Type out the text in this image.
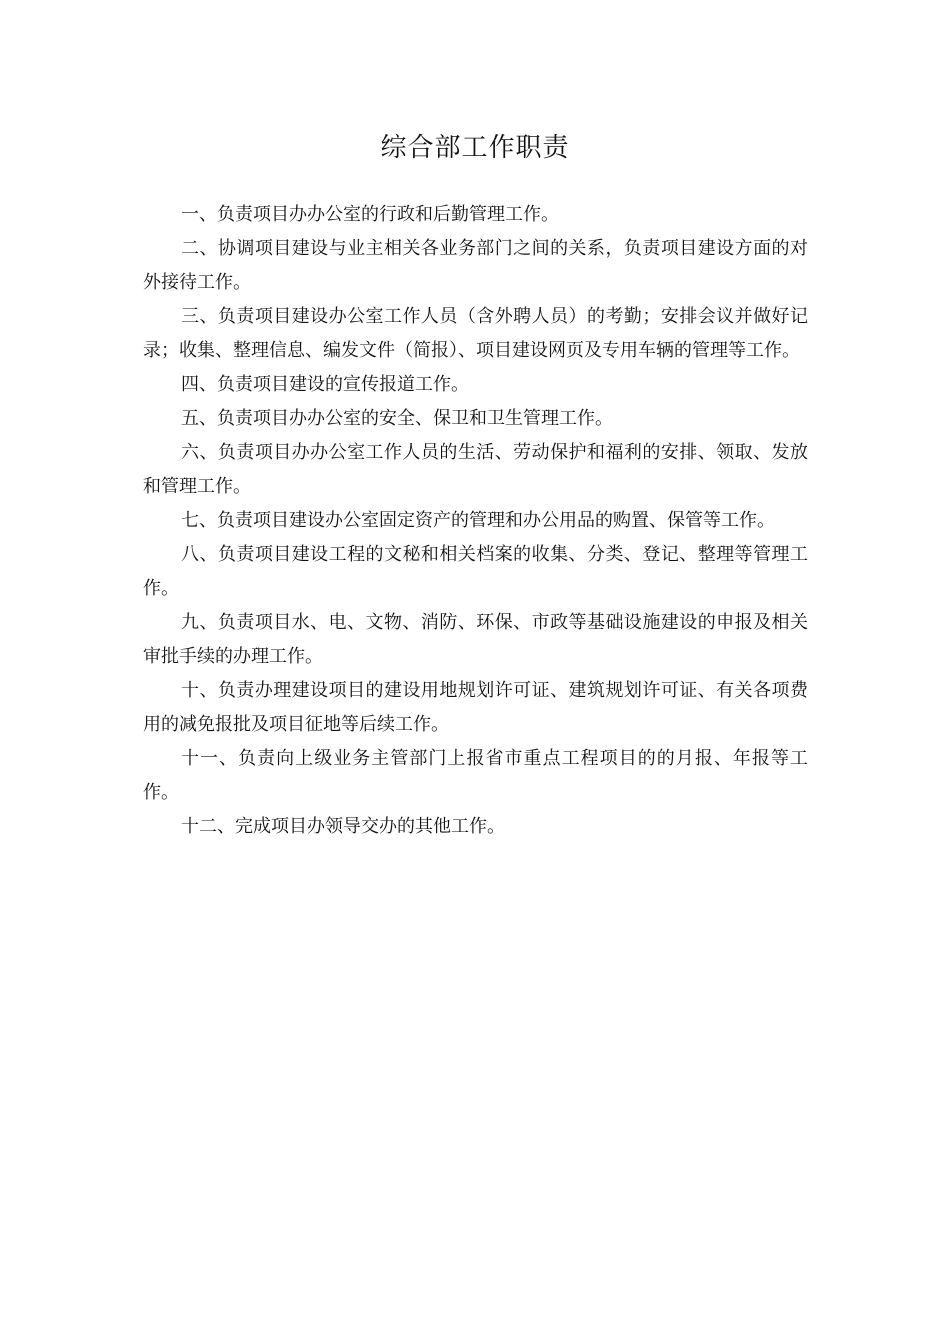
综合部工作职责

一、负责项目办办公室的行政和后勤管理工作。

二、协调项目建设与业主相关各业务部门之间的关系，负责项目建设方面的对外接待工作。

三、负责项目建设办公室工作人员（含外聘人员）的考勤；安排会议并做好记录；收集、整理信息、编发文件（简报）、项目建设网页及专用车辆的管理等工作。

四、负责项目建设的宣传报道工作。

五、负责项目办办公室的安全、保卫和卫生管理工作。

六、负责项目办办公室工作人员的生活、劳动保护和福利的安排、领取、发放和管理工作。

七、负责项目建设办公室固定资产的管理和办公用品的购置、保管等工作。

八、负责项目建设工程的文秘和相关档案的收集、分类、登记、整理等管理工作。

九、负责项目水、电、文物、消防、环保、市政等基础设施建设的申报及相关审批手续的办理工作。

十、负责办理建设项目的建设用地规划许可证、建筑规划许可证、有关各项费用的减免报批及项目征地等后续工作。

十一、负责向上级业务主管部门上报省市重点工程项目的的月报、年报等工作。

十二、完成项目办领导交办的其他工作。
